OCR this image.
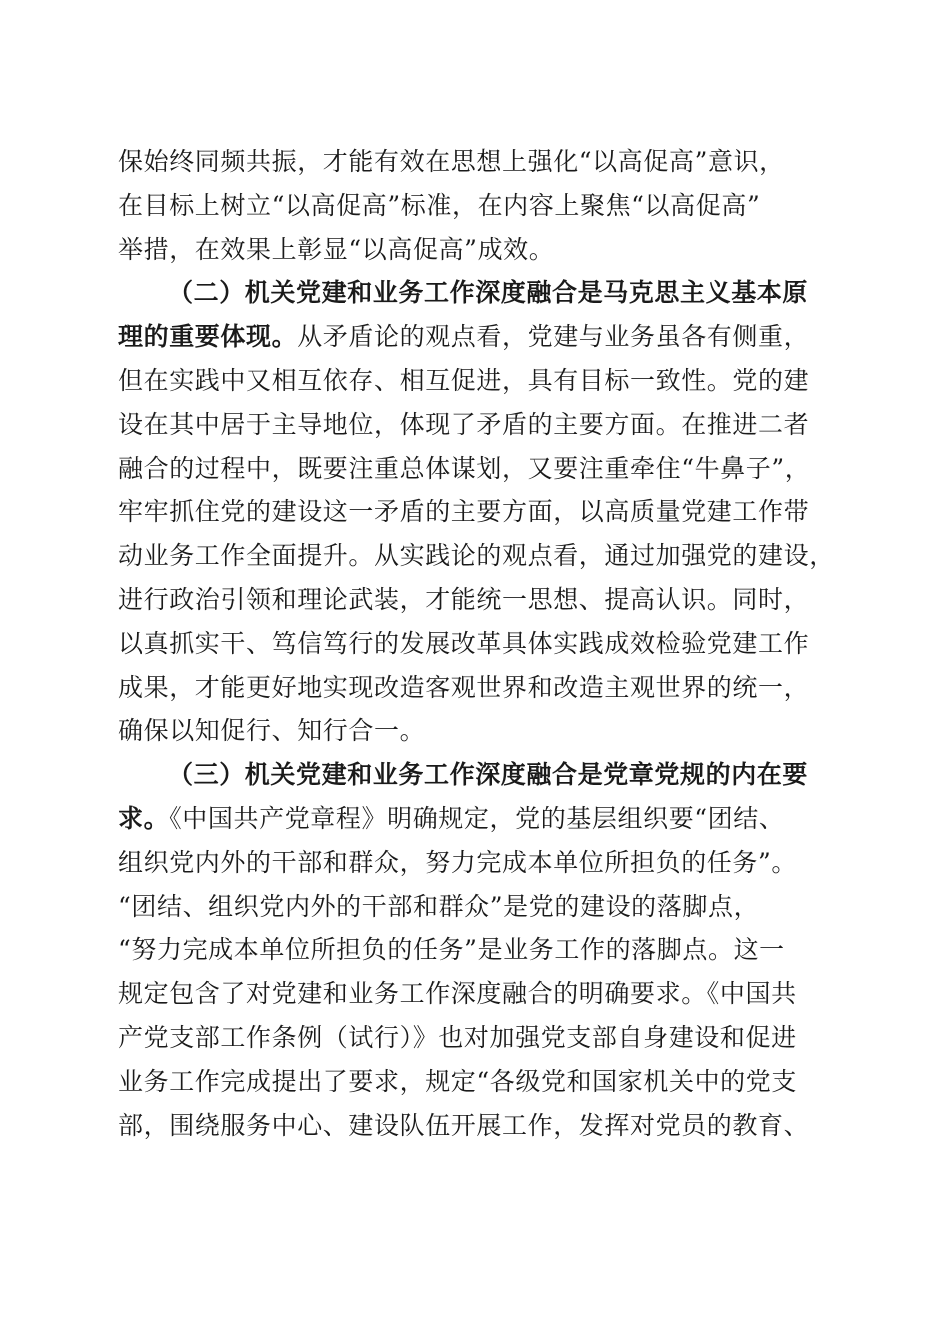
保始终同频共振，才能有效在思想上强化“以高促高”意识，
在目标上树立“以高促高”标准，在内容上聚焦“以高促高”
举措，在效果上彰显“以高促高”成效。
（二）机关党建和业务工作深度融合是马克思主义基本原
理的重要体现。从矛盾论的观点看，党建与业务虽各有侧重，
但在实践中又相互依存、相互促进，具有目标一致性。党的建
设在其中居于主导地位，体现了矛盾的主要方面。在推进二者
融合的过程中，既要注重总体谋划，又要注重牵住“牛鼻子”，
牢牢抓住党的建设这一矛盾的主要方面，以高质量党建工作带
动业务工作全面提升。从实践论的观点看，通过加强党的建设，
进行政治引领和理论武装，才能统一思想、提高认识。同时，
以真抓实干、笃信笃行的发展改革具体实践成效检验党建工作
成果，才能更好地实现改造客观世界和改造主观世界的统一，
确保以知促行、知行合一。
（三）机关党建和业务工作深度融合是党章党规的内在要
求。《中国共产党章程》明确规定，党的基层组织要“团结、
组织党内外的干部和群众，努力完成本单位所担负的任务”。
“团结、组织党内外的干部和群众”是党的建设的落脚点，
“努力完成本单位所担负的任务”是业务工作的落脚点。这一
规定包含了对党建和业务工作深度融合的明确要求。《中国共
产党支部工作条例（试行）》也对加强党支部自身建设和促进
业务工作完成提出了要求，规定“各级党和国家机关中的党支
部，围绕服务中心、建设队伍开展工作，发挥对党员的教育、
